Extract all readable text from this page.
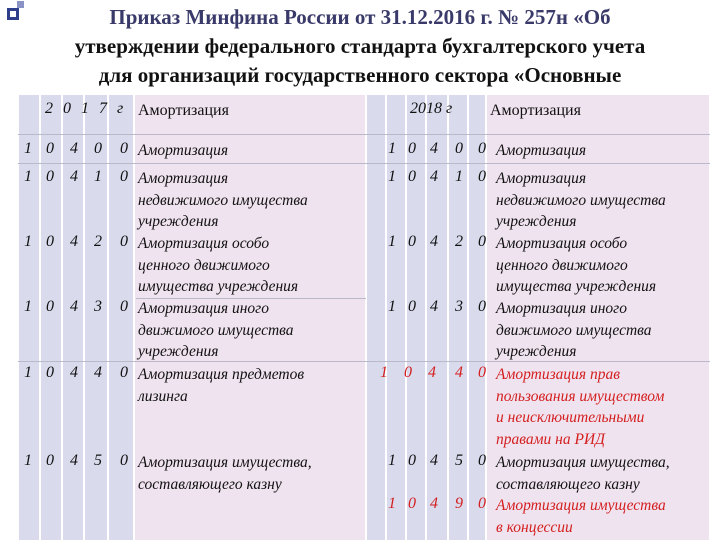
Приказ Минфина России от 31.12.2016 г. № 257н «Об
утверждении федерального стандарта бухгалтерского учета
для организаций государственного сектора «Основные
2 0 1 7 г Амортизация	2018 г Амортизация
1 0 4 0 0 Амортизация
1 0 4 1 0 Амортизация
недвижимого имущества
учреждения
1 0 4 2 0 Амортизация особо
ценного движимого
имущества учреждения
1 0 4 3 0 Амортизация иного
движимого имущества
учреждения
1 0 4 4 0 Амортизация предметов
лизинга
1 0 4 5 0 Амортизация имущества,
составляющего казну
1 0 4 0 0 Амортизация
1 0 4 1 0 Амортизация
недвижимого имущества
учреждения
1 0 4 2 0 Амортизация особо
ценного движимого
имущества учреждения
1 0 4 3 0 Амортизация иного
движимого имущества
учреждения
1 0 4 4 0 Амортизация прав
пользования имуществом
и неисключительными
правами на РИД
1 0 4 5 0 Амортизация имущества,
составляющего казну
1 0 4 9 0 Амортизация имущества
в концессии
